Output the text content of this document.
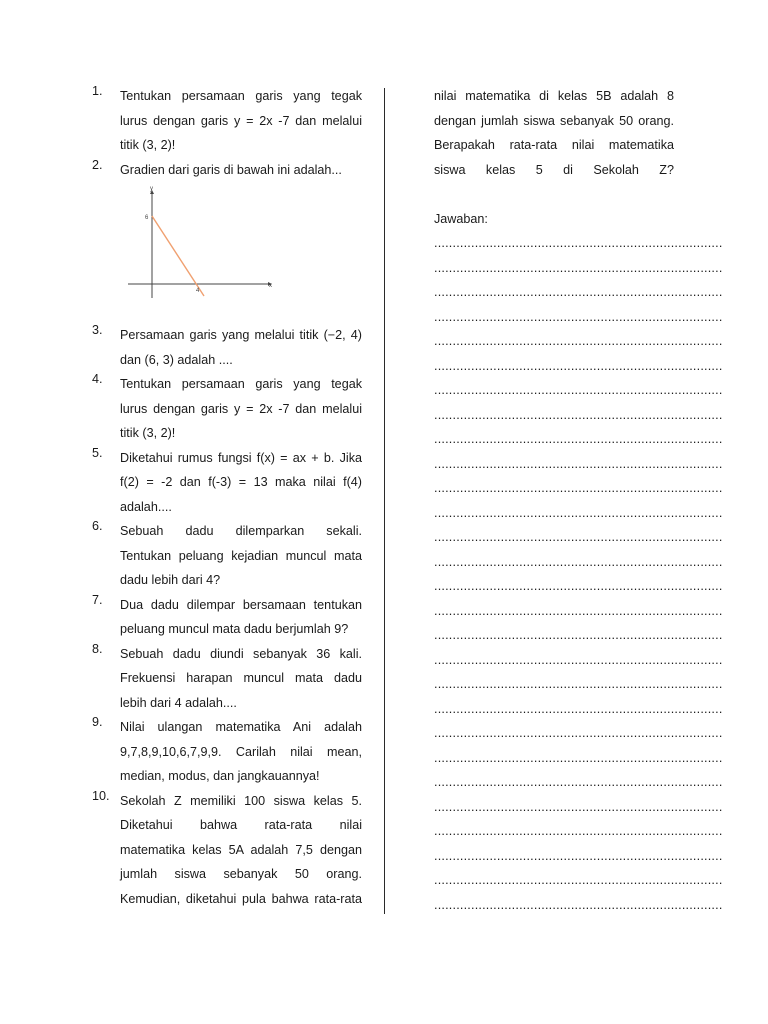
1. Tentukan persamaan garis yang tegak
lurus dengan garis y = 2x -7 dan melalui
titik (3, 2)!
2. Gradien dari garis di bawah ini adalah...
y
x
6
4
3. Persamaan garis yang melalui titik (−2, 4)
dan (6, 3) adalah ....
4. Tentukan persamaan garis yang tegak
lurus dengan garis y = 2x -7 dan melalui
titik (3, 2)!
5. Diketahui rumus fungsi f(x) = ax + b. Jika
f(2) = -2 dan f(-3) = 13 maka nilai f(4)
adalah....
6. Sebuah dadu dilemparkan sekali.
Tentukan peluang kejadian muncul mata
dadu lebih dari 4?
7. Dua dadu dilempar bersamaan tentukan
peluang muncul mata dadu berjumlah 9?
8. Sebuah dadu diundi sebanyak 36 kali.
Frekuensi harapan muncul mata dadu
lebih dari 4 adalah....
9. Nilai ulangan matematika Ani adalah
9,7,8,9,10,6,7,9,9. Carilah nilai mean,
median, modus, dan jangkauannya!
10. Sekolah Z memiliki 100 siswa kelas 5.
Diketahui bahwa rata-rata nilai
matematika kelas 5A adalah 7,5 dengan
jumlah siswa sebanyak 50 orang.
Kemudian, diketahui pula bahwa rata-rata
nilai matematika di kelas 5B adalah 8
dengan jumlah siswa sebanyak 50 orang.
Berapakah rata-rata nilai matematika
siswa kelas 5 di Sekolah Z?
Jawaban:
..............................................................................
..............................................................................
..............................................................................
..............................................................................
..............................................................................
..............................................................................
..............................................................................
..............................................................................
..............................................................................
..............................................................................
..............................................................................
..............................................................................
..............................................................................
..............................................................................
..............................................................................
..............................................................................
..............................................................................
..............................................................................
..............................................................................
..............................................................................
..............................................................................
..............................................................................
..............................................................................
..............................................................................
..............................................................................
..............................................................................
..............................................................................
..............................................................................
